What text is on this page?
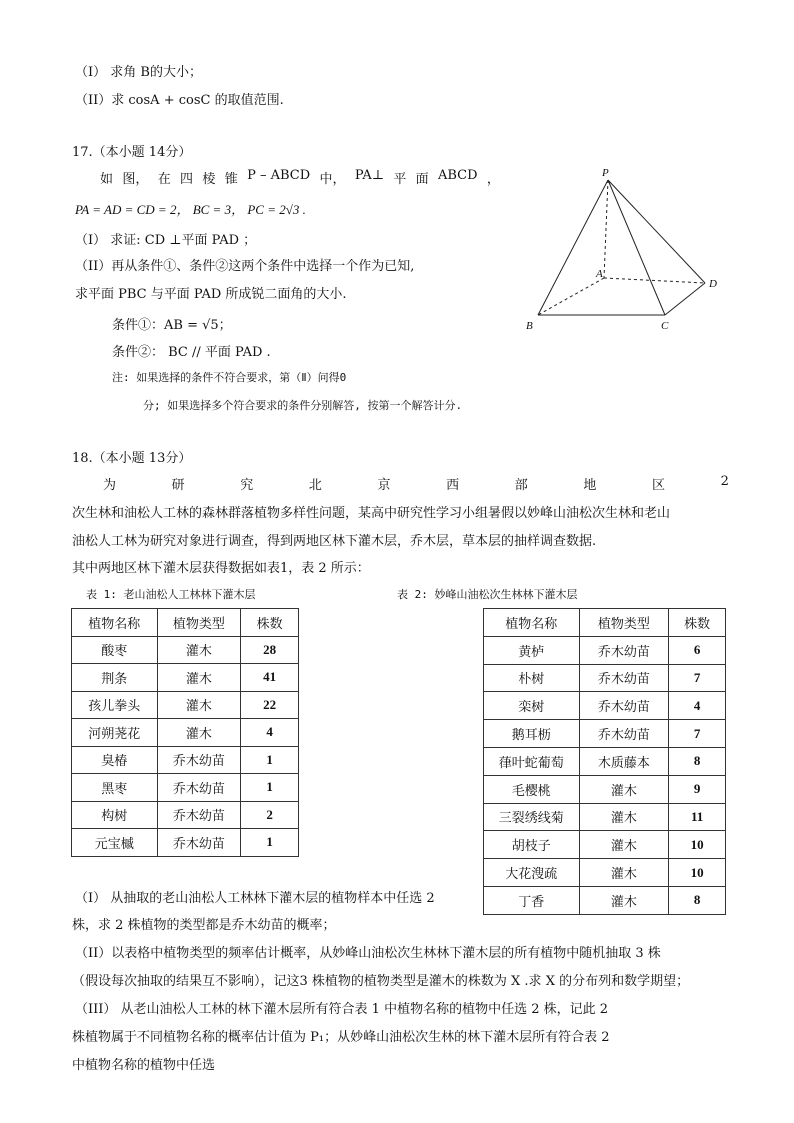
（I） 求角 B的大小；
（II）求 cosA + cosC 的取值范围.
17.（本小题 14分）
如 图， 在 四 棱 锥 P – ABCD 中， PA⊥ 平 面 ABCD ，
PA = AD = CD = 2， BC = 3， PC = 2√3 .
（I） 求证: CD ⊥平面 PAD ；
（II）再从条件①、条件②这两个条件中选择一个作为已知,
求平面 PBC 与平面 PAD 所成锐二面角的大小.
条件①：AB = √5；
条件②： BC // 平面 PAD .
注: 如果选择的条件不符合要求，第（Ⅱ）问得0
分; 如果选择多个符合要求的条件分别解答, 按第一个解答计分.
P
A
B	C
D
18.（本小题 13分）
为	研	究	北	京	西	部	地	区	2
次生林和油松人工林的森林群落植物多样性问题，某高中研究性学习小组暑假以妙峰山油松次生林和老山
油松人工林为研究对象进行调查，得到两地区林下灌木层，乔木层，草本层的抽样调查数据.
其中两地区林下灌木层获得数据如表1，表 2 所示：
表 1: 老山油松人工林林下灌木层	表 2: 妙峰山油松次生林林下灌木层
植物名称	植物类型	株数
酸枣	灌木	28
荆条	灌木	41
孩儿拳头	灌木	22
河朔荛花	灌木	4
臭椿	乔木幼苗	1
黑枣	乔木幼苗	1
构树	乔木幼苗	2
元宝槭	乔木幼苗	1
植物名称	植物类型	株数
黄栌	乔木幼苗	6
朴树	乔木幼苗	7
栾树	乔木幼苗	4
鹅耳枥	乔木幼苗	7
葎叶蛇葡萄	木质藤本	8
毛樱桃	灌木	9
三裂绣线菊	灌木	11
胡枝子	灌木	10
大花溲疏	灌木	10
丁香	灌木	8
（I） 从抽取的老山油松人工林林下灌木层的植物样本中任选 2
株，求 2 株植物的类型都是乔木幼苗的概率；
（II）以表格中植物类型的频率估计概率，从妙峰山油松次生林林下灌木层的所有植物中随机抽取 3 株
（假设每次抽取的结果互不影响），记这3 株植物的植物类型是灌木的株数为 X .求 X 的分布列和数学期望；
（III） 从老山油松人工林的林下灌木层所有符合表 1 中植物名称的植物中任选 2 株，记此 2
株植物属于不同植物名称的概率估计值为 P₁；从妙峰山油松次生林的林下灌木层所有符合表 2
中植物名称的植物中任选
